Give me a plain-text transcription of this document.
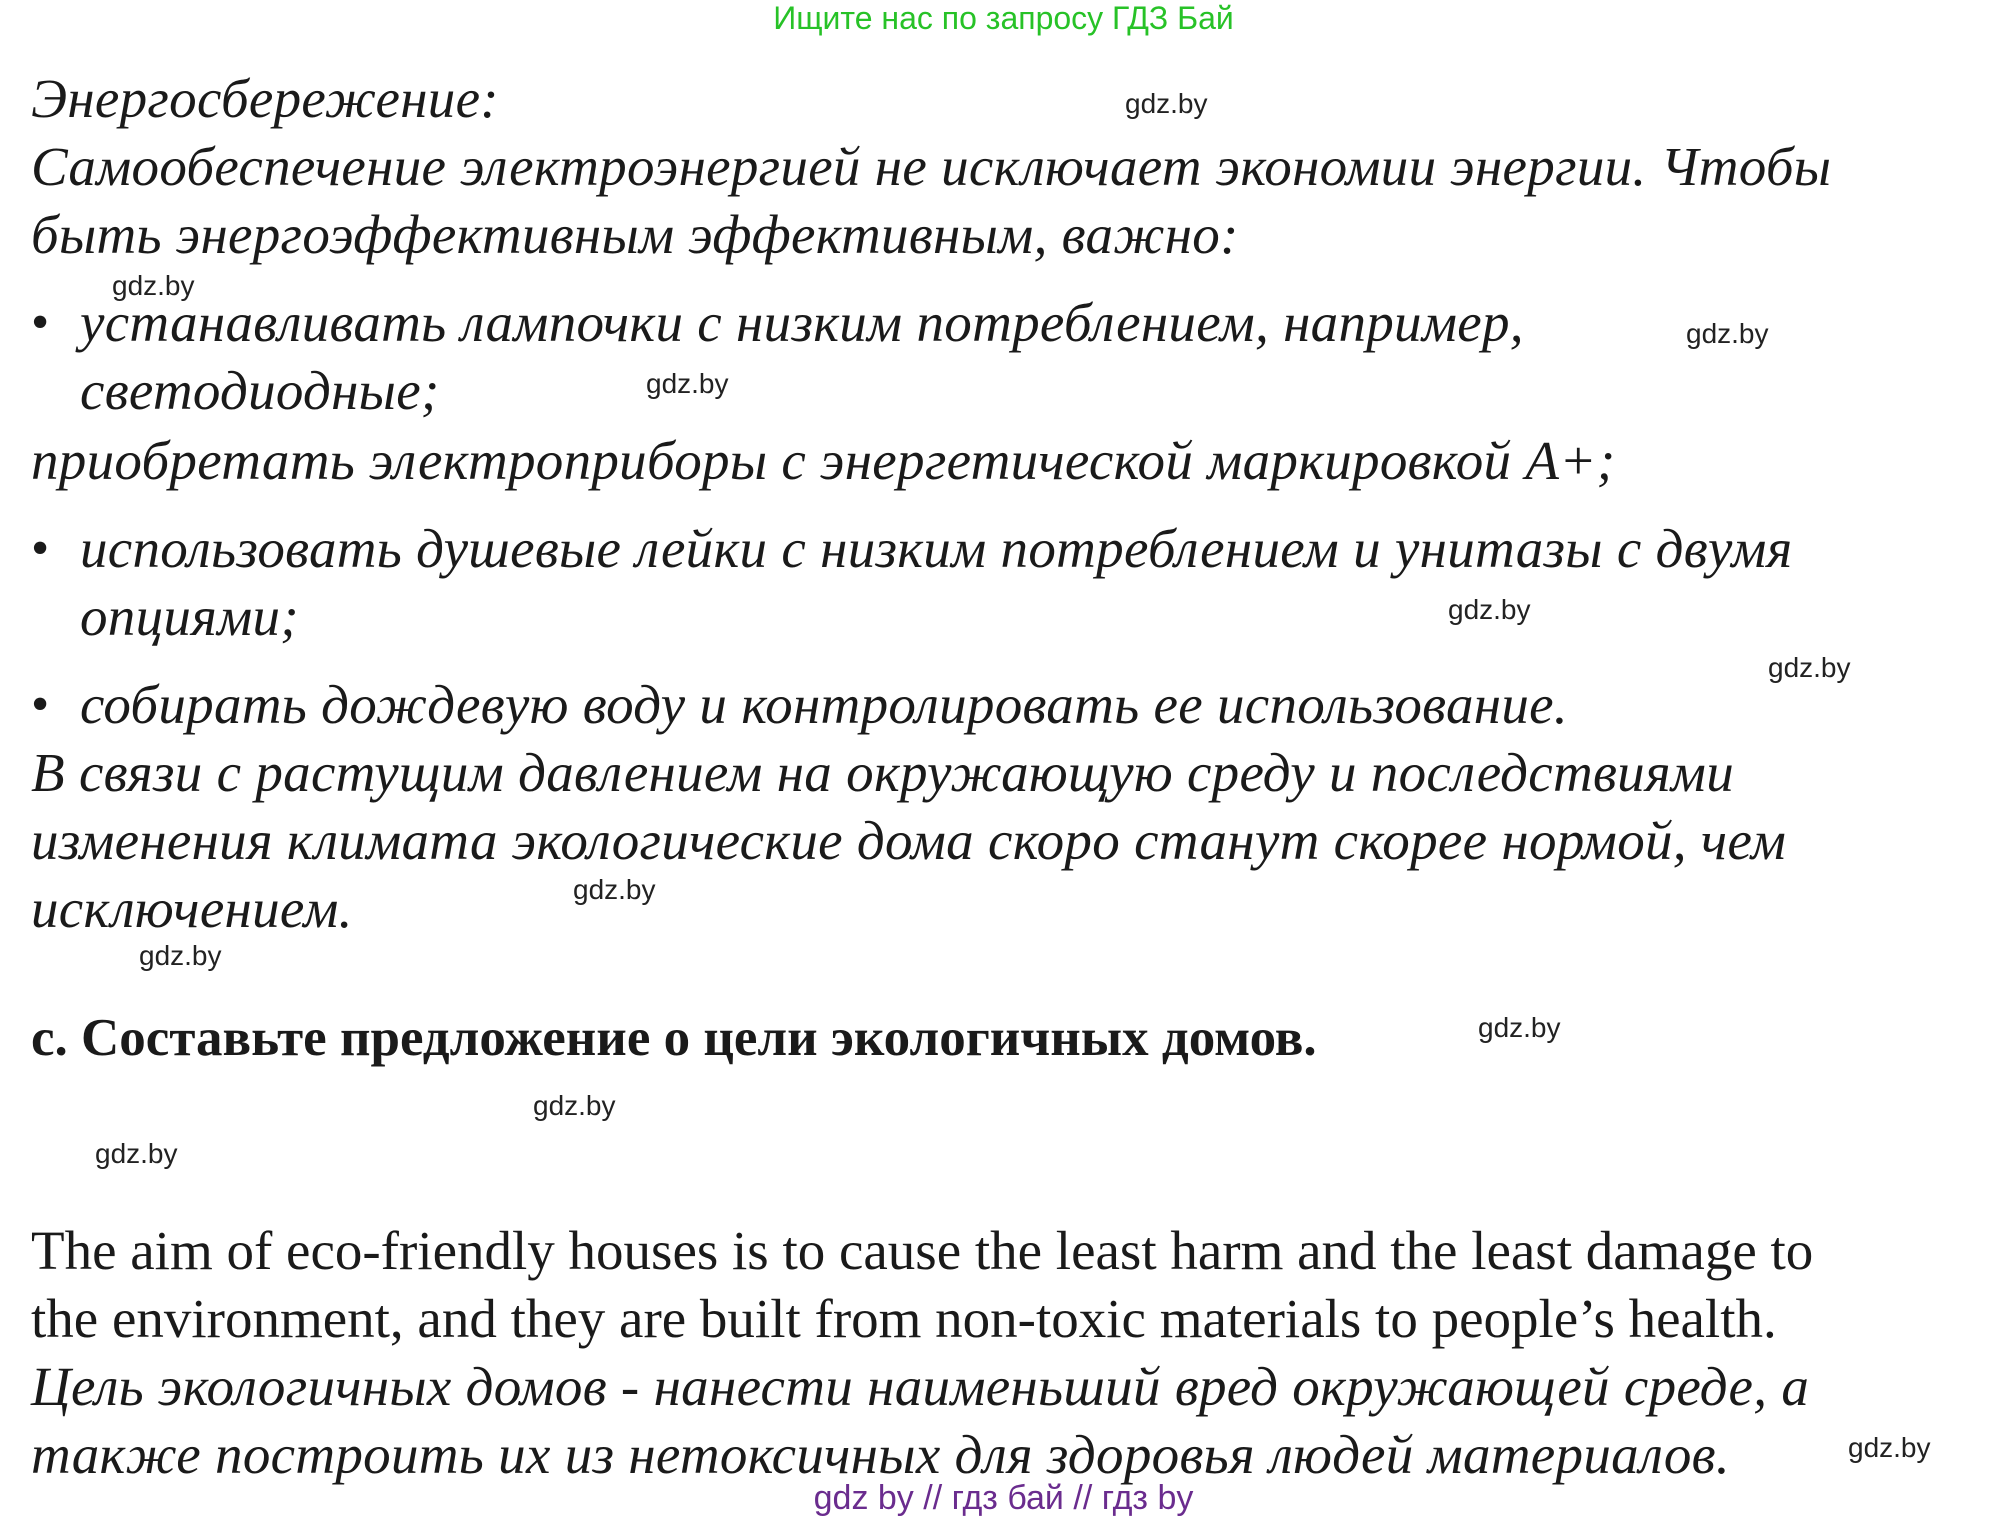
Ищите нас по запросу ГДЗ Бай
Энергосбережение:
Самообеспечение электроэнергией не исключает экономии энергии. Чтобы
быть энергоэффективным эффективным, важно:
• устанавливать лампочки с низким потреблением, например,
светодиодные;
приобретать электроприборы с энергетической маркировкой А+;
• использовать душевые лейки с низким потреблением и унитазы с двумя
опциями;
• собирать дождевую воду и контролировать ее использование.
В связи с растущим давлением на окружающую среду и последствиями
изменения климата экологические дома скоро станут скорее нормой, чем
исключением.
c. Составьте предложение о цели экологичных домов.
The aim of eco-friendly houses is to cause the least harm and the least damage to
the environment, and they are built from non-toxic materials to people’s health.
Цель экологичных домов - нанести наименьший вред окружающей среде, а
также построить их из нетоксичных для здоровья людей материалов.
gdz.by
gdz.by
gdz.by
gdz.by
gdz.by
gdz.by
gdz.by
gdz.by
gdz.by
gdz.by
gdz.by
gdz.by
gdz by // гдз бай // гдз by
